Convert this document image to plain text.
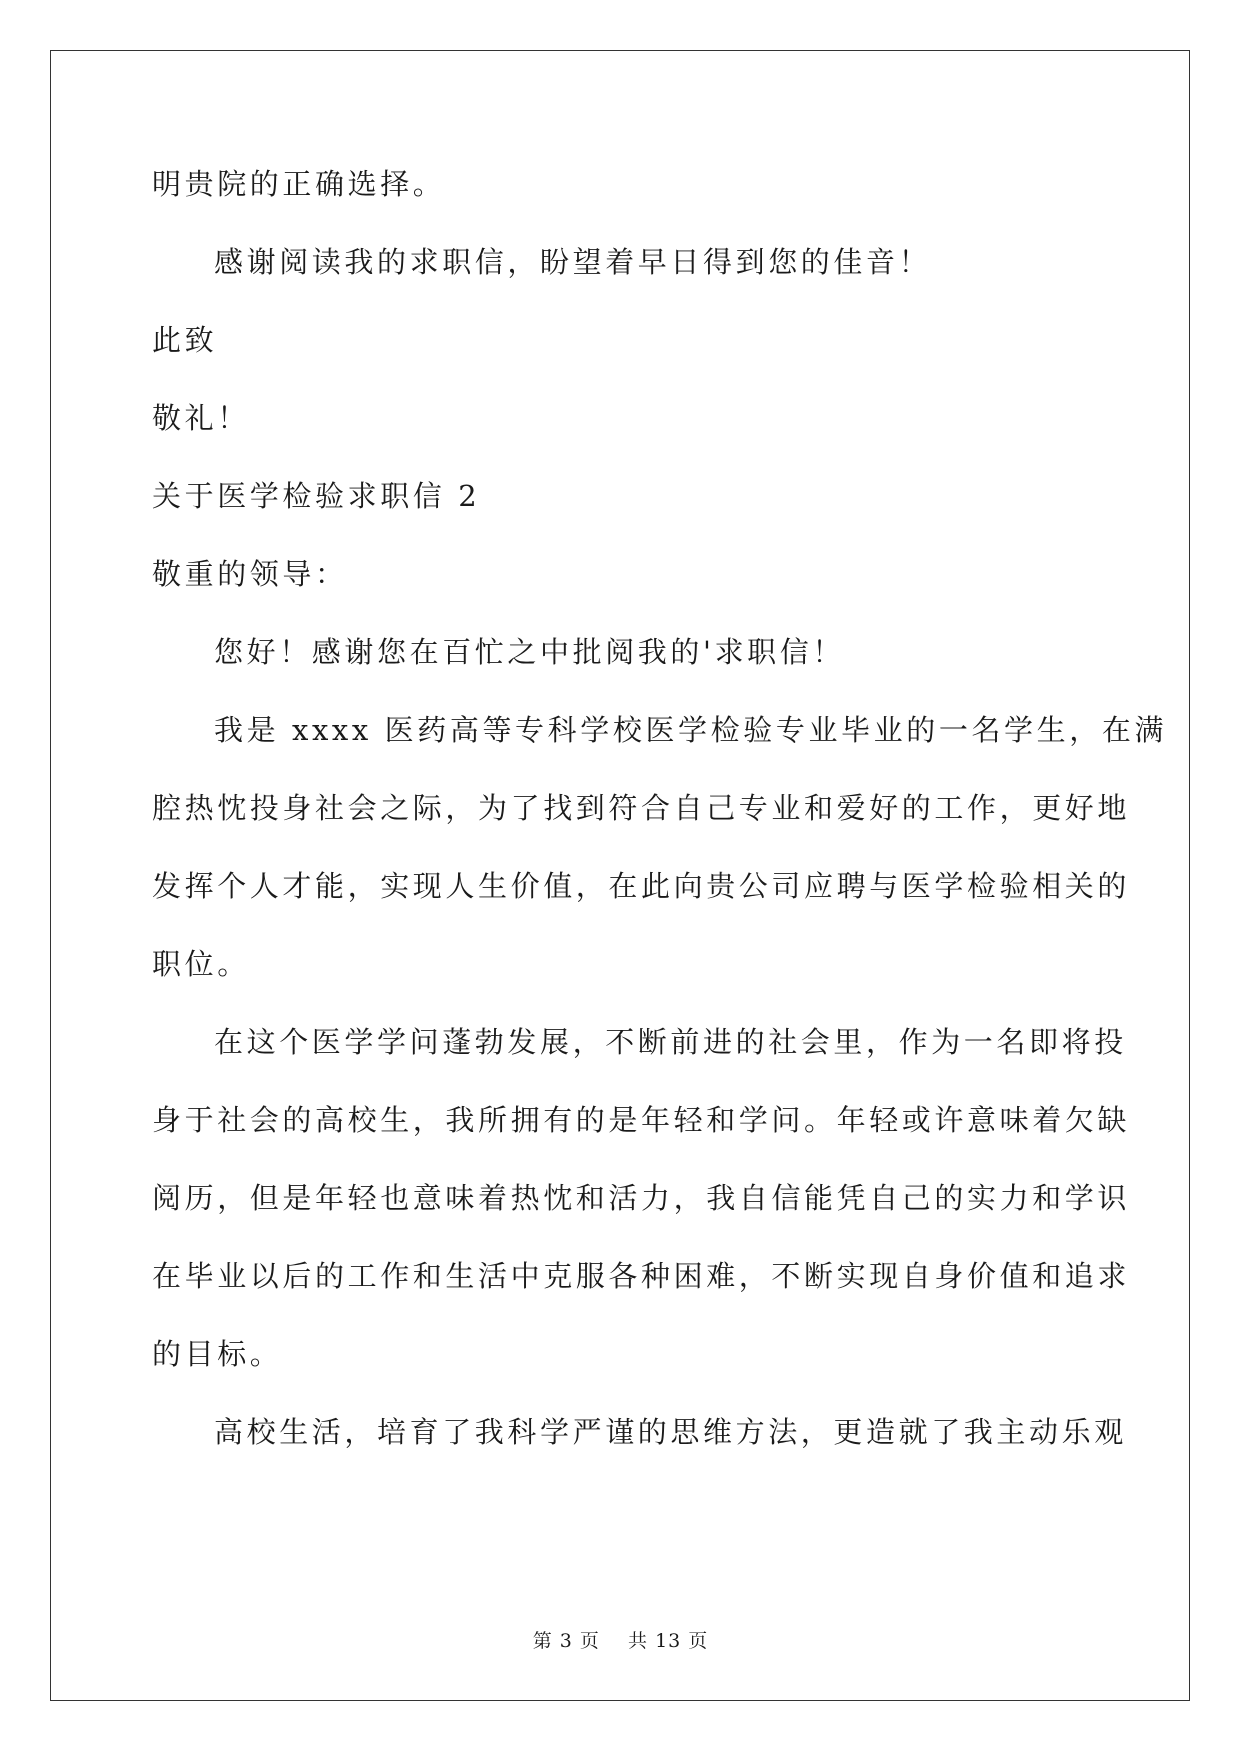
明贵院的正确选择。
感谢阅读我的求职信，盼望着早日得到您的佳音！
此致
敬礼！
关于医学检验求职信 2
敬重的领导：
您好！感谢您在百忙之中批阅我的'求职信！
我是 xxxx 医药高等专科学校医学检验专业毕业的一名学生，在满
腔热忱投身社会之际，为了找到符合自己专业和爱好的工作，更好地
发挥个人才能，实现人生价值，在此向贵公司应聘与医学检验相关的
职位。
在这个医学学问蓬勃发展，不断前进的社会里，作为一名即将投
身于社会的高校生，我所拥有的是年轻和学问。年轻或许意味着欠缺
阅历，但是年轻也意味着热忱和活力，我自信能凭自己的实力和学识
在毕业以后的工作和生活中克服各种困难，不断实现自身价值和追求
的目标。
高校生活，培育了我科学严谨的思维方法，更造就了我主动乐观
第 3 页    共 13 页
